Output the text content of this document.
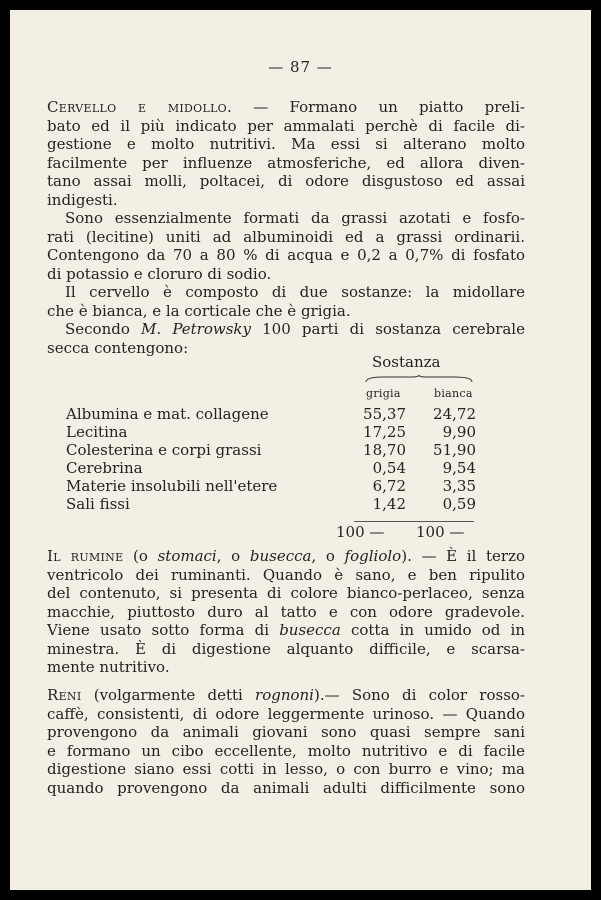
— 87 —
Cervello e midollo. — Formano un piatto preli-
bato ed il più indicato per ammalati perchè di facile di-
gestione e molto nutritivi. Ma essi si alterano molto
facilmente per influenze atmosferiche, ed allora diven-
tano assai molli, poltacei, di odore disgustoso ed assai
indigesti.
Sono essenzialmente formati da grassi azotati e fosfo-
rati (lecitine) uniti ad albuminoidi ed a grassi ordinarii.
Contengono da 70 a 80 % di acqua e 0,2 a 0,7% di fosfato
di potassio e cloruro di sodio.
Il cervello è composto di due sostanze: la midollare
che è bianca, e la corticale che è grigia.
Secondo M. Petrowsky 100 parti di sostanza cerebrale
secca contengono:
Sostanza
grigia	bianca
Albumina e mat. collagene	55,37	24,72
Lecitina	17,25	9,90
Colesterina e corpi grassi	18,70	51,90
Cerebrina	0,54	9,54
Materie insolubili nell'etere	6,72	3,35
Sali fissi	1,42	0,59
100 — 100 —
Il rumine (o stomaci, o busecca, o fogliolo). — È il terzo
ventricolo dei ruminanti. Quando è sano, e ben ripulito
del contenuto, si presenta di colore bianco-perlaceo, senza
macchie, piuttosto duro al tatto e con odore gradevole.
Viene usato sotto forma di busecca cotta in umido od in
minestra. È di digestione alquanto difficile, e scarsa-
mente nutritivo.
Reni (volgarmente detti rognoni).— Sono di color rosso-
caffè, consistenti, di odore leggermente urinoso. — Quando
provengono da animali giovani sono quasi sempre sani
e formano un cibo eccellente, molto nutritivo e di facile
digestione siano essi cotti in lesso, o con burro e vino; ma
quando provengono da animali adulti difficilmente sono
